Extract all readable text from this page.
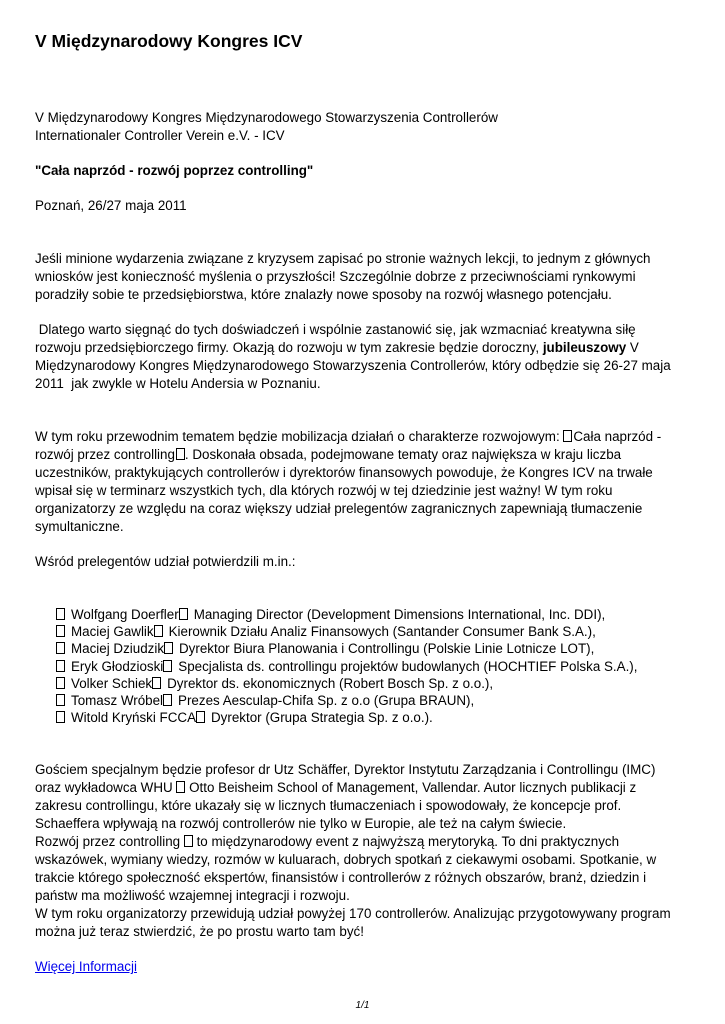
V Międzynarodowy Kongres ICV

V Międzynarodowy Kongres Międzynarodowego Stowarzyszenia Controllerów

Internationaler Controller Verein e.V. - ICV

"Cała naprzód - rozwój poprzez controlling"

Poznań, 26/27 maja 2011

Jeśli minione wydarzenia związane z kryzysem zapisać po stronie ważnych lekcji, to jednym z głównych

wniosków jest konieczność myślenia o przyszłości! Szczególnie dobrze z przeciwnościami rynkowymi

poradziły sobie te przedsiębiorstwa, które znalazły nowe sposoby na rozwój własnego potencjału.

Dlatego warto sięgnąć do tych doświadczeń i wspólnie zastanowić się, jak wzmacniać kreatywna siłę

rozwoju przedsiębiorczego firmy. Okazją do rozwoju w tym zakresie będzie doroczny, jubileuszowy V

Międzynarodowy Kongres Międzynarodowego Stowarzyszenia Controllerów, który odbędzie się 26-27 maja

2011  jak zwykle w Hotelu Andersia w Poznaniu.

W tym roku przewodnim tematem będzie mobilizacja działań o charakterze rozwojowym: Cała naprzód -

rozwój przez controlling . Doskonała obsada, podejmowane tematy oraz największa w kraju liczba

uczestników, praktykujących controllerów i dyrektorów finansowych powoduje, że Kongres ICV na trwałe

wpisał się w terminarz wszystkich tych, dla których rozwój w tej dziedzinie jest ważny! W tym roku

organizatorzy ze względu na coraz większy udział prelegentów zagranicznych zapewniają tłumaczenie

symultaniczne.

Wśród prelegentów udział potwierdzili m.in.:

Wolfgang Doerfler Managing Director (Development Dimensions International, Inc. DDI),
Maciej Gawlik Kierownik Działu Analiz Finansowych (Santander Consumer Bank S.A.),
Maciej Dziudzik Dyrektor Biura Planowania i Controllingu (Polskie Linie Lotnicze LOT),
Eryk Głodzioski Specjalista ds. controllingu projektów budowlanych (HOCHTIEF Polska S.A.),
Volker Schiek Dyrektor ds. ekonomicznych (Robert Bosch Sp. z o.o.),
Tomasz Wróbel Prezes Aesculap-Chifa Sp. z o.o (Grupa BRAUN),
Witold Kryński FCCA Dyrektor (Grupa Strategia Sp. z o.o.).

Gościem specjalnym będzie profesor dr Utz Schäffer, Dyrektor Instytutu Zarządzania i Controllingu (IMC)

oraz wykładowca WHU  Otto Beisheim School of Management, Vallendar. Autor licznych publikacji z

zakresu controllingu, które ukazały się w licznych tłumaczeniach i spowodowały, że koncepcje prof.

Schaeffera wpływają na rozwój controllerów nie tylko w Europie, ale też na całym świecie.

Rozwój przez controlling  to międzynarodowy event z najwyższą merytoryką. To dni praktycznych

wskazówek, wymiany wiedzy, rozmów w kuluarach, dobrych spotkań z ciekawymi osobami. Spotkanie, w

trakcie którego społeczność ekspertów, finansistów i controllerów z różnych obszarów, branż, dziedzin i

państw ma możliwość wzajemnej integracji i rozwoju.

W tym roku organizatorzy przewidują udział powyżej 170 controllerów. Analizując przygotowywany program

można już teraz stwierdzić, że po prostu warto tam być!

Więcej Informacji

1/1
